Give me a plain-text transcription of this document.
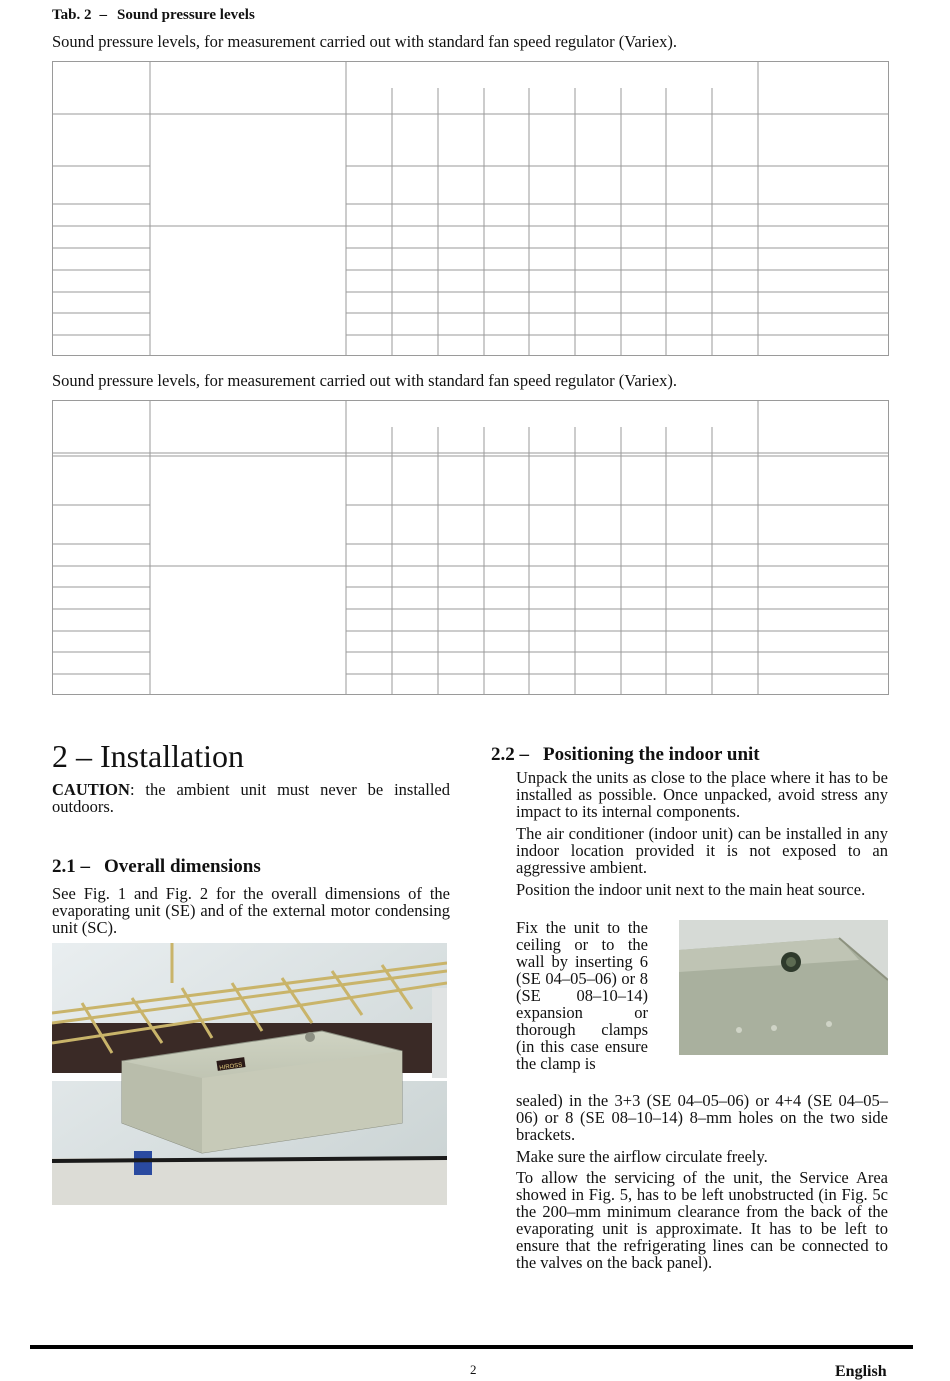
Tab. 2 – Sound pressure levels
Sound pressure levels, for measurement carried out with standard fan speed regulator (Variex).
Sound pressure levels, for measurement carried out with standard fan speed regulator (Variex).
2 – Installation
CAUTION: the ambient unit must never be installed outdoors.
2.1 – Overall dimensions
See Fig. 1 and Fig. 2 for the overall dimensions of the evaporating unit (SE) and of the external motor condensing unit (SC).
HIROSS
2.2 – Positioning the indoor unit
Unpack the units as close to the place where it has to be installed as possible. Once unpacked, avoid stress any impact to its internal components.
The air conditioner (indoor unit) can be installed in any indoor location provided it is not exposed to an aggressive ambient.
Position the indoor unit next to the main heat source.
Fix the unit to the ceiling or to the wall by inserting 6 (SE 04–05–06) or 8 (SE 08–10–14) expansion or thorough clamps (in this case ensure the clamp is
sealed) in the 3+3 (SE 04–05–06) or 4+4 (SE 04–05–06) or 8 (SE 08–10–14) 8–mm holes on the two side brackets.
Make sure the airflow circulate freely.
To allow the servicing of the unit, the Service Area showed in Fig. 5, has to be left unobstructed (in Fig. 5c the 200–mm minimum clearance from the back of the evaporating unit is approximate. It has to be left to ensure that the refrigerating lines can be connected to the valves on the back panel).
2	English
